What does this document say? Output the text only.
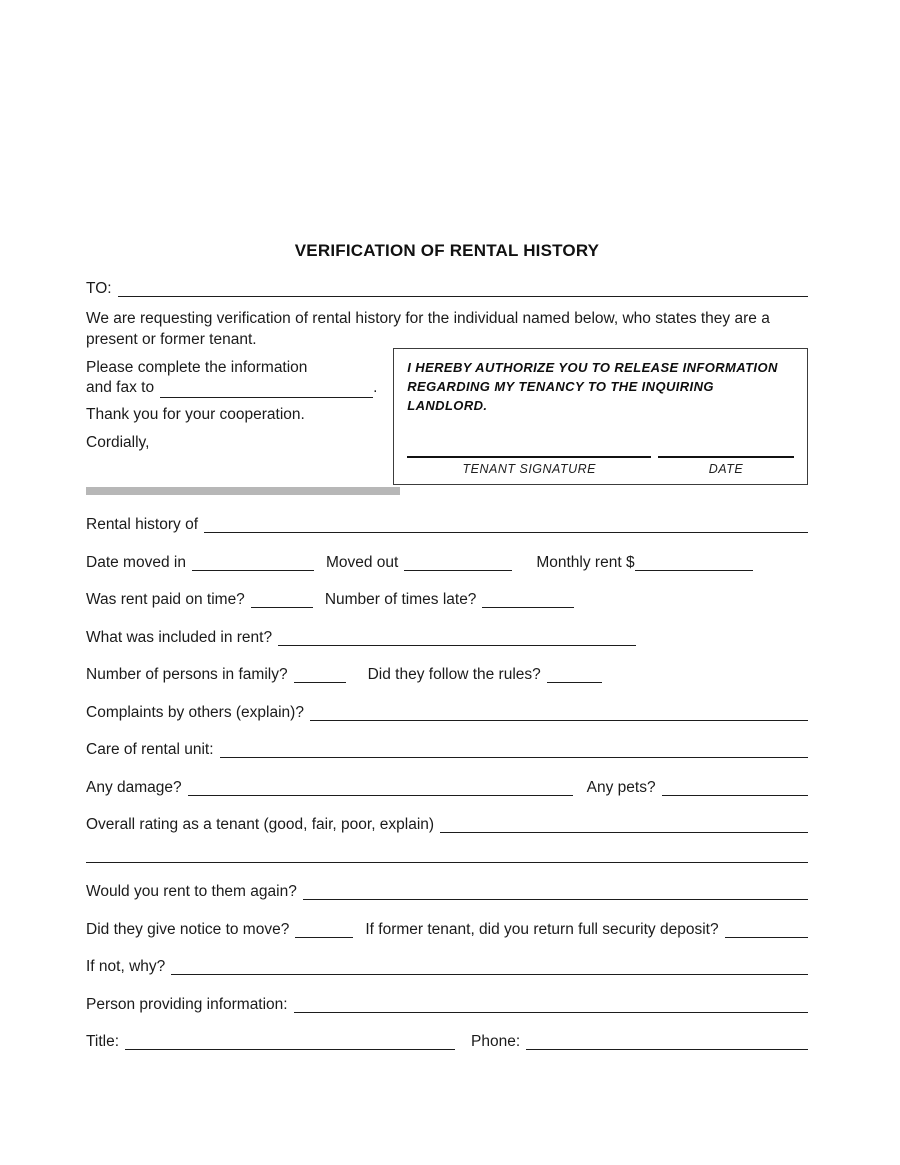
VERIFICATION OF RENTAL HISTORY
TO:

We are requesting verification of rental history for the individual named below, who states they are a present or former tenant.

Please complete the information
and fax to	.
Thank you for your cooperation.
Cordially,
I HEREBY AUTHORIZE YOU TO RELEASE INFORMATION REGARDING MY TENANCY TO THE INQUIRING LANDLORD.
TENANT SIGNATURE	DATE
Rental history of
Date moved in	Moved out	Monthly rent $
Was rent paid on time?	Number of times late?
What was included in rent?
Number of persons in family?	Did they follow the rules?
Complaints by others (explain)?
Care of rental unit:
Any damage?	Any pets?
Overall rating as a tenant (good, fair, poor, explain)
Would you rent to them again?
Did they give notice to move?	If former tenant, did you return full security deposit?
If not, why?
Person providing information:
Title:	Phone:
